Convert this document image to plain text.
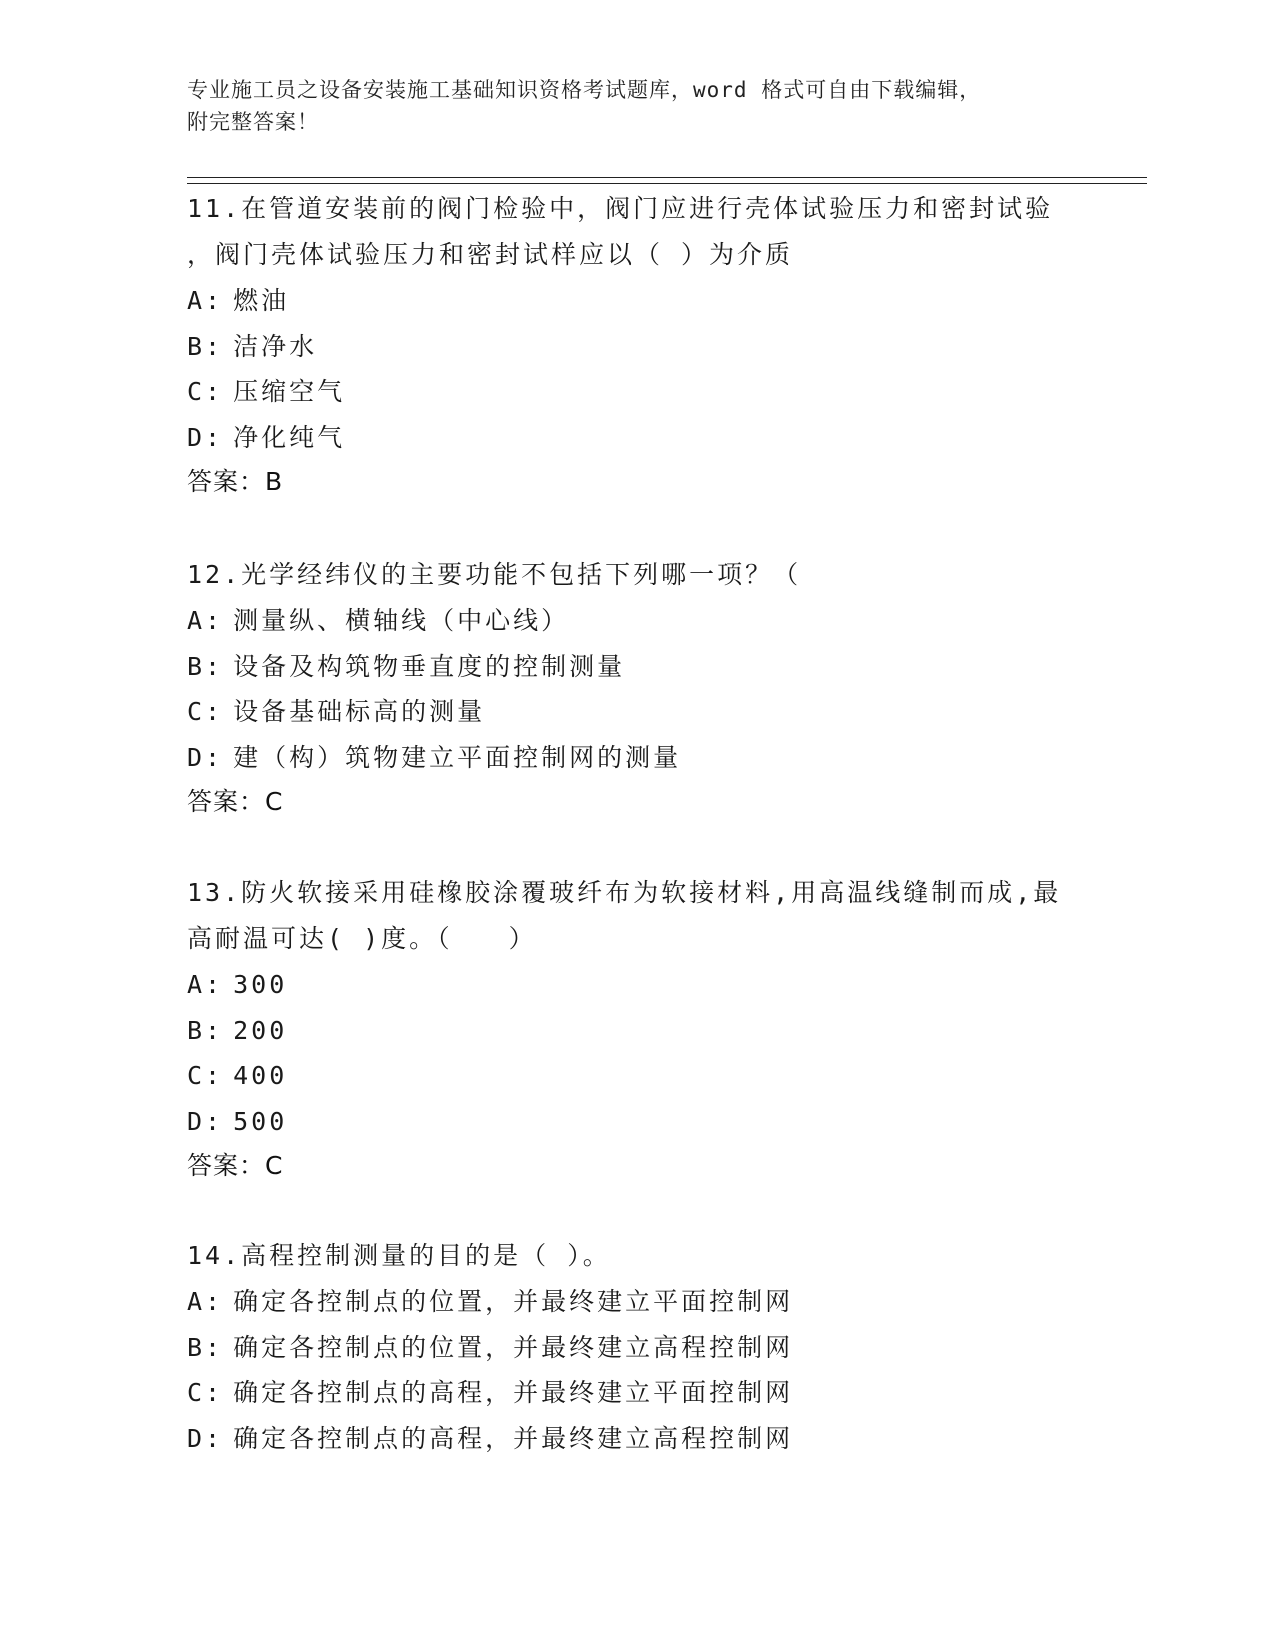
专业施工员之设备安装施工基础知识资格考试题库，word 格式可自由下载编辑，

附完整答案！

11.在管道安装前的阀门检验中，阀门应进行壳体试验压力和密封试验

，阀门壳体试验压力和密封试样应以（ ）为介质

A: 燃油

B: 洁净水

C: 压缩空气

D: 净化纯气

答案：B

12.光学经纬仪的主要功能不包括下列哪一项？（

A: 测量纵、横轴线（中心线）

B: 设备及构筑物垂直度的控制测量

C: 设备基础标高的测量

D: 建（构）筑物建立平面控制网的测量

答案：C

13.防火软接采用硅橡胶涂覆玻纤布为软接材料,用高温线缝制而成,最

高耐温可达( )度。（　　）

A: 300

B: 200

C: 400

D: 500

答案：C

14.高程控制测量的目的是（ ）。

A: 确定各控制点的位置，并最终建立平面控制网

B: 确定各控制点的位置，并最终建立高程控制网

C: 确定各控制点的高程，并最终建立平面控制网

D: 确定各控制点的高程，并最终建立高程控制网
